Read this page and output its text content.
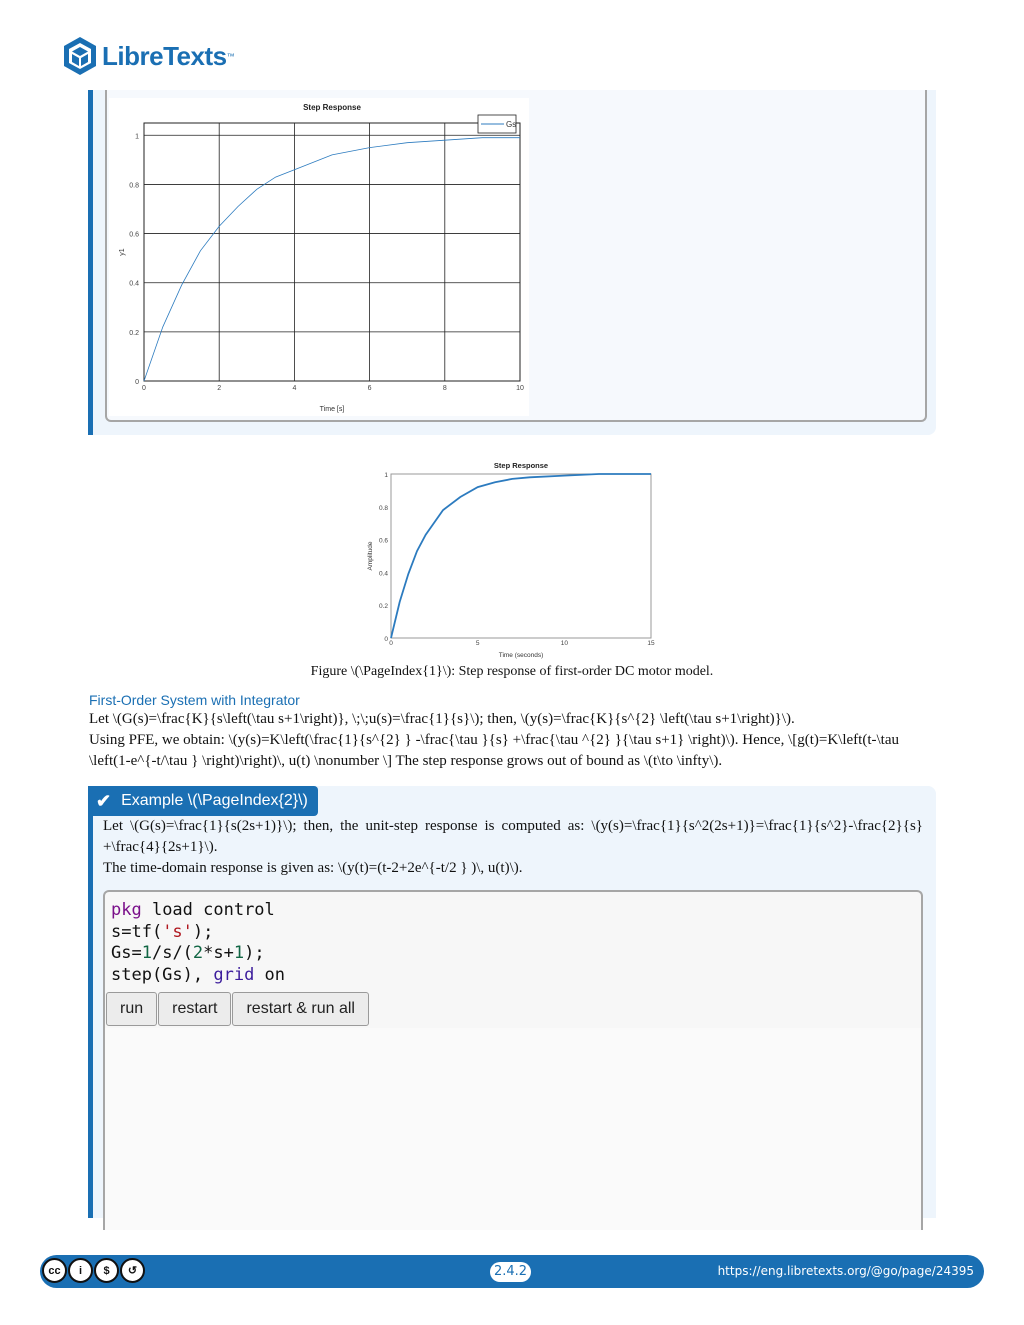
LibreTexts ™
0	2	4	6	8	10
0
0.2
0.4
0.6
0.8
1
Step Response
Time [s]
y1
Gs
0	5	10	15
0
0.2
0.4
0.6
0.8
1
Step Response
Time (seconds)
Amplitude
Figure \(\PageIndex{1}\): Step response of first-order DC motor model.
First-Order System with Integrator
Let \(G(s)=\frac{K}{s\left(\tau s+1\right)}, \;\;u(s)=\frac{1}{s}\); then, \(y(s)=\frac{K}{s^{2} \left(\tau s+1\right)}\).
Using PFE, we obtain: \(y(s)=K\left(\frac{1}{s^{2} } -\frac{\tau }{s} +\frac{\tau ^{2} }{\tau s+1} \right)\). Hence, \[g(t)=K\left(t-\tau \left(1-e^{-t/\tau } \right)\right)\, u(t) \nonumber \] The step response grows out of bound as \(t\to \infty\).
✔ Example \(\PageIndex{2}\)
Let \(G(s)=\frac{1}{s(2s+1)}\); then, the unit-step response is computed as: \(y(s)=\frac{1}{s^2(2s+1)}=\frac{1}{s^2}-\frac{2}{s} +\frac{4}{2s+1}\).
The time-domain response is given as: \(y(t)=(t-2+2e^{-t/2 } )\, u(t)\).
pkg load control
s=tf('s');
Gs=1/s/(2*s+1);
step(Gs), grid on
run	restart	restart & run all
cc	i	$	↺	2.4.2	https://eng.libretexts.org/@go/page/24395
